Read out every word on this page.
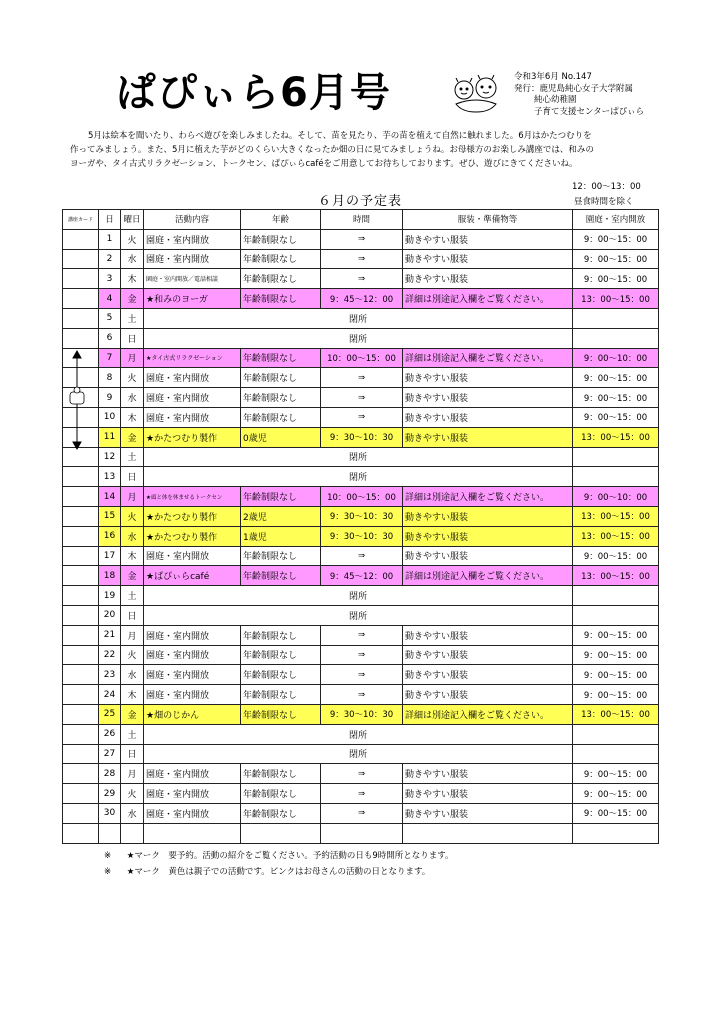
ぱぴぃら6月号	令和3年6月 No.147
発行：鹿児島純心女子大学附属
純心幼稚園
子育て支援センターぱぴぃら

5月は絵本を聞いたり、わらべ遊びを楽しみましたね。そして、苗を見たり、芋の苗を植えて自然に触れました。6月はかたつむりを

作ってみましょう。また、5月に植えた芋がどのくらい大きくなったか畑の日に見てみましょうね。お母様方のお楽しみ講座では、和みの

ヨーガや、タイ古式リラクゼーション、トークセン、ぱぴぃらcaféをご用意してお待ちしております。ぜひ、遊びにきてくださいね。

12：00～13：00
６月の予定表	昼食時間を除く
講座カード	日	曜日	活動内容	年齢	時間	服装・準備物等	園庭・室内開放
	1	火	園庭・室内開放	年齢制限なし	⇒	動きやすい服装	9：00～15：00
	2	水	園庭・室内開放	年齢制限なし	⇒	動きやすい服装	9：00～15：00
	3	木	園庭・室内開放／電話相談	年齢制限なし	⇒	動きやすい服装	9：00～15：00
	4	金	★和みのヨーガ	年齢制限なし	9：45～12：00	詳細は別途記入欄をご覧ください。	13：00～15：00
	5	土	閉所				
	6	日	閉所				
	7	月	★タイ古式リラクゼーション	年齢制限なし	10：00～15：00	詳細は別途記入欄をご覧ください。	9：00～10：00
	8	火	園庭・室内開放	年齢制限なし	⇒	動きやすい服装	9：00～15：00
	9	水	園庭・室内開放	年齢制限なし	⇒	動きやすい服装	9：00～15：00
	10	木	園庭・室内開放	年齢制限なし	⇒	動きやすい服装	9：00～15：00
	11	金	★かたつむり製作	0歳児	9：30～10：30	動きやすい服装	13：00～15：00
	12	土	閉所				
	13	日	閉所				
	14	月	★頭と体を休ませるトークセン	年齢制限なし	10：00～15：00	詳細は別途記入欄をご覧ください。	9：00～10：00
	15	火	★かたつむり製作	2歳児	9：30～10：30	動きやすい服装	13：00～15：00
	16	水	★かたつむり製作	1歳児	9：30～10：30	動きやすい服装	13：00～15：00
	17	木	園庭・室内開放	年齢制限なし	⇒	動きやすい服装	9：00～15：00
	18	金	★ぱぴぃらcafé	年齢制限なし	9：45～12：00	詳細は別途記入欄をご覧ください。	13：00～15：00
	19	土	閉所				
	20	日	閉所				
	21	月	園庭・室内開放	年齢制限なし	⇒	動きやすい服装	9：00～15：00
	22	火	園庭・室内開放	年齢制限なし	⇒	動きやすい服装	9：00～15：00
	23	水	園庭・室内開放	年齢制限なし	⇒	動きやすい服装	9：00～15：00
	24	木	園庭・室内開放	年齢制限なし	⇒	動きやすい服装	9：00～15：00
	25	金	★畑のじかん	年齢制限なし	9：30～10：30	詳細は別途記入欄をご覧ください。	13：00～15：00
	26	土	閉所				
	27	日	閉所				
	28	月	園庭・室内開放	年齢制限なし	⇒	動きやすい服装	9：00～15：00
	29	火	園庭・室内開放	年齢制限なし	⇒	動きやすい服装	9：00～15：00
	30	水	園庭・室内開放	年齢制限なし	⇒	動きやすい服装	9：00～15：00

※ ★マーク　要予約。活動の紹介をご覧ください。予約活動の日も9時開所となります。
※ ★マーク　黄色は親子での活動です。ピンクはお母さんの活動の日となります。
